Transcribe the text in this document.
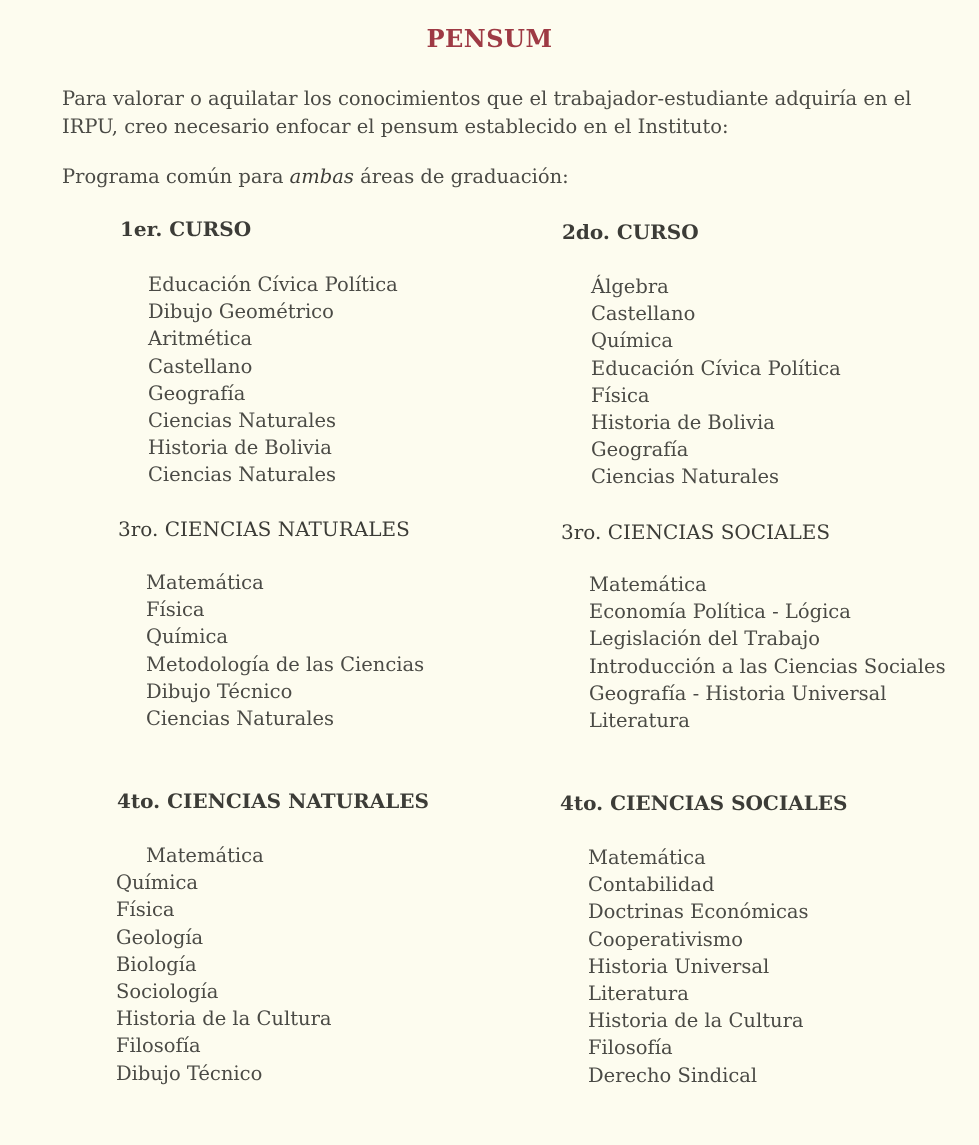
PENSUM

Para valorar o aquilatar los conocimientos que el trabajador-estudiante adquiría en el IRPU, creo necesario enfocar el pensum establecido en el Instituto:

Programa común para ambas áreas de graduación:

1er. CURSO
Educación Cívica Política
Dibujo Geométrico
Aritmética
Castellano
Geografía
Ciencias Naturales
Historia de Bolivia
Ciencias Naturales
2do. CURSO
Álgebra
Castellano
Química
Educación Cívica Política
Física
Historia de Bolivia
Geografía
Ciencias Naturales
3ro. CIENCIAS NATURALES
Matemática
Física
Química
Metodología de las Ciencias
Dibujo Técnico
Ciencias Naturales
3ro. CIENCIAS SOCIALES
Matemática
Economía Política - Lógica
Legislación del Trabajo
Introducción a las Ciencias Sociales
Geografía - Historia Universal
Literatura
4to. CIENCIAS NATURALES
Matemática
Química
Física
Geología
Biología
Sociología
Historia de la Cultura
Filosofía
Dibujo Técnico
4to. CIENCIAS SOCIALES
Matemática
Contabilidad
Doctrinas Económicas
Cooperativismo
Historia Universal
Literatura
Historia de la Cultura
Filosofía
Derecho Sindical
